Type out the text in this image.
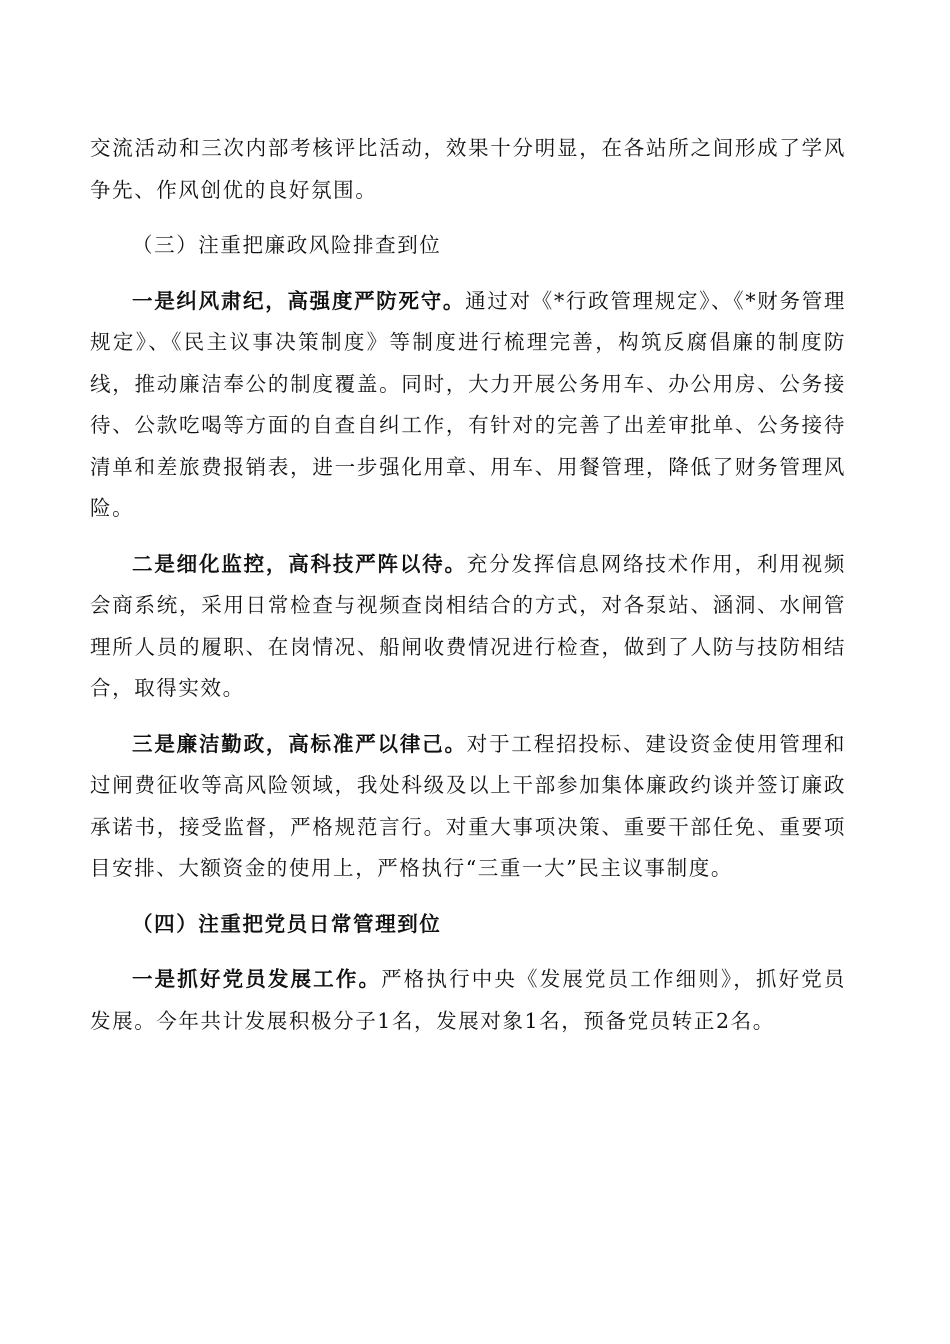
交流活动和三次内部考核评比活动，效果十分明显，在各站所之间形成了学风争先、作风创优的良好氛围。

（三）注重把廉政风险排查到位

一是纠风肃纪，高强度严防死守。通过对《*行政管理规定》、《*财务管理规定》、《民主议事决策制度》等制度进行梳理完善，构筑反腐倡廉的制度防线，推动廉洁奉公的制度覆盖。同时，大力开展公务用车、办公用房、公务接待、公款吃喝等方面的自查自纠工作，有针对的完善了出差审批单、公务接待清单和差旅费报销表，进一步强化用章、用车、用餐管理，降低了财务管理风险。

二是细化监控，高科技严阵以待。充分发挥信息网络技术作用，利用视频会商系统，采用日常检查与视频查岗相结合的方式，对各泵站、涵洞、水闸管理所人员的履职、在岗情况、船闸收费情况进行检查，做到了人防与技防相结合，取得实效。

三是廉洁勤政，高标准严以律己。对于工程招投标、建设资金使用管理和过闸费征收等高风险领域，我处科级及以上干部参加集体廉政约谈并签订廉政承诺书，接受监督，严格规范言行。对重大事项决策、重要干部任免、重要项目安排、大额资金的使用上，严格执行“三重一大”民主议事制度。

（四）注重把党员日常管理到位

一是抓好党员发展工作。严格执行中央《发展党员工作细则》，抓好党员发展。今年共计发展积极分子1名，发展对象1名，预备党员转正2名。
